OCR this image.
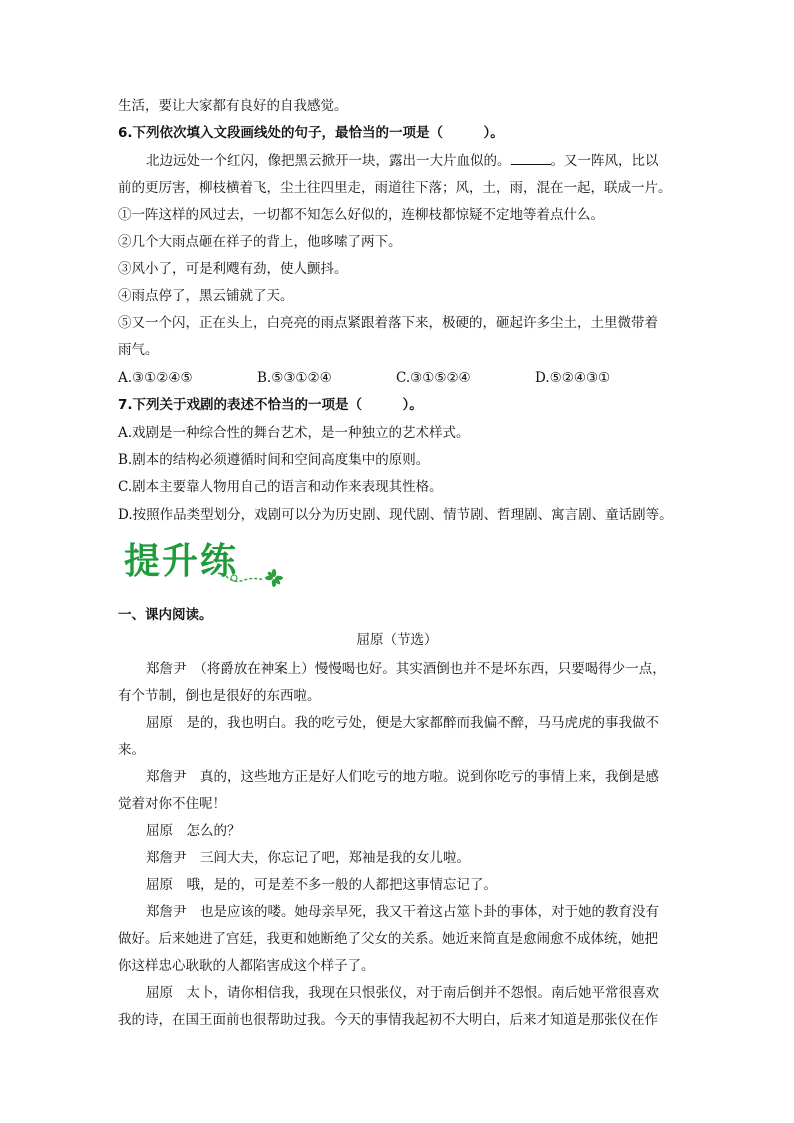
生活，要让大家都有良好的自我感觉。
6.下列依次填入文段画线处的句子，最恰当的一项是（　　　）。
北边远处一个红闪，像把黑云掀开一块，露出一大片血似的。	。又一阵风，比以
前的更厉害，柳枝横着飞，尘土往四里走，雨道往下落；风，土，雨，混在一起，联成一片。
①一阵这样的风过去，一切都不知怎么好似的，连柳枝都惊疑不定地等着点什么。
②几个大雨点砸在祥子的背上，他哆嗦了两下。
③风小了，可是利飕有劲，使人颤抖。
④雨点停了，黑云铺就了天。
⑤又一个闪，正在头上，白亮亮的雨点紧跟着落下来，极硬的，砸起许多尘土，土里微带着
雨气。
A.③①②④⑤	B.⑤③①②④	C.③①⑤②④	D.⑤②④③①
7.下列关于戏剧的表述不恰当的一项是（　　　）。
A.戏剧是一种综合性的舞台艺术，是一种独立的艺术样式。
B.剧本的结构必须遵循时间和空间高度集中的原则。
C.剧本主要靠人物用自己的语言和动作来表现其性格。
D.按照作品类型划分，戏剧可以分为历史剧、现代剧、情节剧、哲理剧、寓言剧、童话剧等。
提升练
一、课内阅读。
屈原（节选）
郑詹尹　（将爵放在神案上）慢慢喝也好。其实酒倒也并不是坏东西，只要喝得少一点，
有个节制，倒也是很好的东西啦。
屈原　是的，我也明白。我的吃亏处，便是大家都醉而我偏不醉，马马虎虎的事我做不
来。
郑詹尹　真的，这些地方正是好人们吃亏的地方啦。说到你吃亏的事情上来，我倒是感
觉着对你不住呢！
屈原　怎么的？
郑詹尹　三闾大夫，你忘记了吧，郑袖是我的女儿啦。
屈原　哦，是的，可是差不多一般的人都把这事情忘记了。
郑詹尹　也是应该的喽。她母亲早死，我又干着这占筮卜卦的事体，对于她的教育没有
做好。后来她进了宫廷，我更和她断绝了父女的关系。她近来简直是愈闹愈不成体统，她把
你这样忠心耿耿的人都陷害成这个样子了。
屈原　太卜，请你相信我，我现在只恨张仪，对于南后倒并不怨恨。南后她平常很喜欢
我的诗，在国王面前也很帮助过我。今天的事情我起初不大明白，后来才知道是那张仪在作
